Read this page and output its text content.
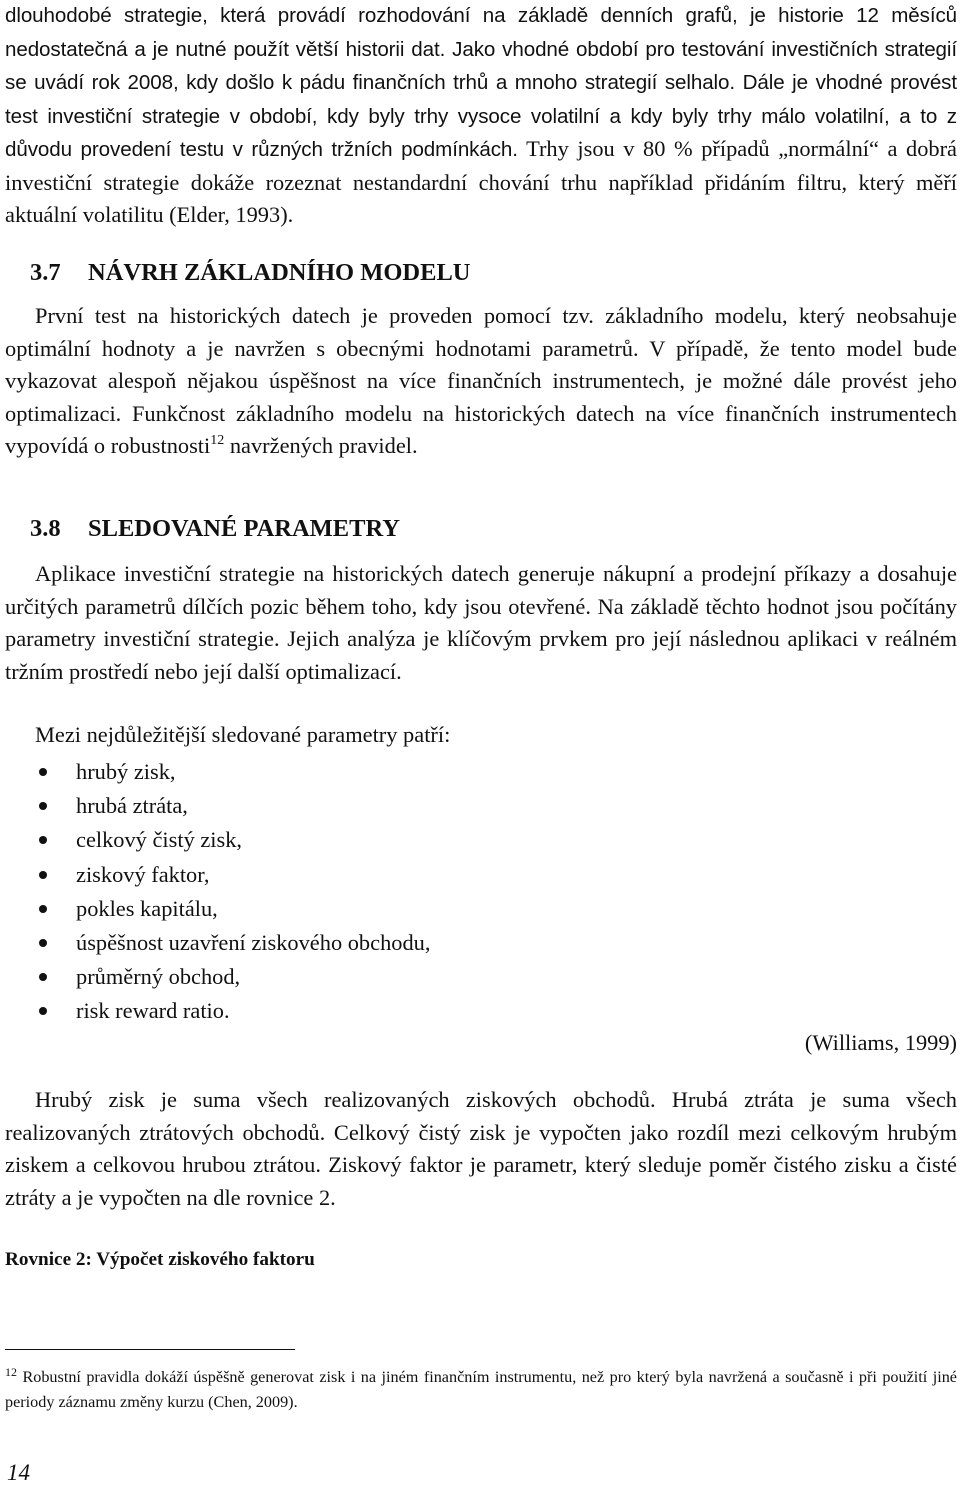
dlouhodobé strategie, která provádí rozhodování na základě denních grafů, je historie 12 měsíců nedostatečná a je nutné použít větší historii dat. Jako vhodné období pro testování investičních strategií se uvádí rok 2008, kdy došlo k pádu finančních trhů a mnoho strategií selhalo. Dále je vhodné provést test investiční strategie v období, kdy byly trhy vysoce volatilní a kdy byly trhy málo volatilní, a to z důvodu provedení testu v různých tržních podmínkách. Trhy jsou v 80 % případů „normální“ a dobrá investiční strategie dokáže rozeznat nestandardní chování trhu například přidáním filtru, který měří aktuální volatilitu (Elder, 1993).

3.7 NÁVRH ZÁKLADNÍHO MODELU

První test na historických datech je proveden pomocí tzv. základního modelu, který neobsahuje optimální hodnoty a je navržen s obecnými hodnotami parametrů. V případě, že tento model bude vykazovat alespoň nějakou úspěšnost na více finančních instrumentech, je možné dále provést jeho optimalizaci. Funkčnost základního modelu na historických datech na více finančních instrumentech vypovídá o robustnosti$^{12}$ navržených pravidel.

3.8 SLEDOVANÉ PARAMETRY

Aplikace investiční strategie na historických datech generuje nákupní a prodejní příkazy a dosahuje určitých parametrů dílčích pozic během toho, kdy jsou otevřené. Na základě těchto hodnot jsou počítány parametry investiční strategie. Jejich analýza je klíčovým prvkem pro její následnou aplikaci v reálném tržním prostředí nebo její další optimalizací.

Mezi nejdůležitější sledované parametry patří:

hrubý zisk,
hrubá ztráta,
celkový čistý zisk,
ziskový faktor,
pokles kapitálu,
úspěšnost uzavření ziskového obchodu,
průměrný obchod,
risk reward ratio.

(Williams, 1999)

Hrubý zisk je suma všech realizovaných ziskových obchodů. Hrubá ztráta je suma všech realizovaných ztrátových obchodů. Celkový čistý zisk je vypočten jako rozdíl mezi celkovým hrubým ziskem a celkovou hrubou ztrátou. Ziskový faktor je parametr, který sleduje poměr čistého zisku a čisté ztráty a je vypočten na dle rovnice 2.

Rovnice 2: Výpočet ziskového faktoru

$^{12}$ Robustní pravidla dokáží úspěšně generovat zisk i na jiném finančním instrumentu, než pro který byla navržená a současně i při použití jiné periody záznamu změny kurzu (Chen, 2009).

14
